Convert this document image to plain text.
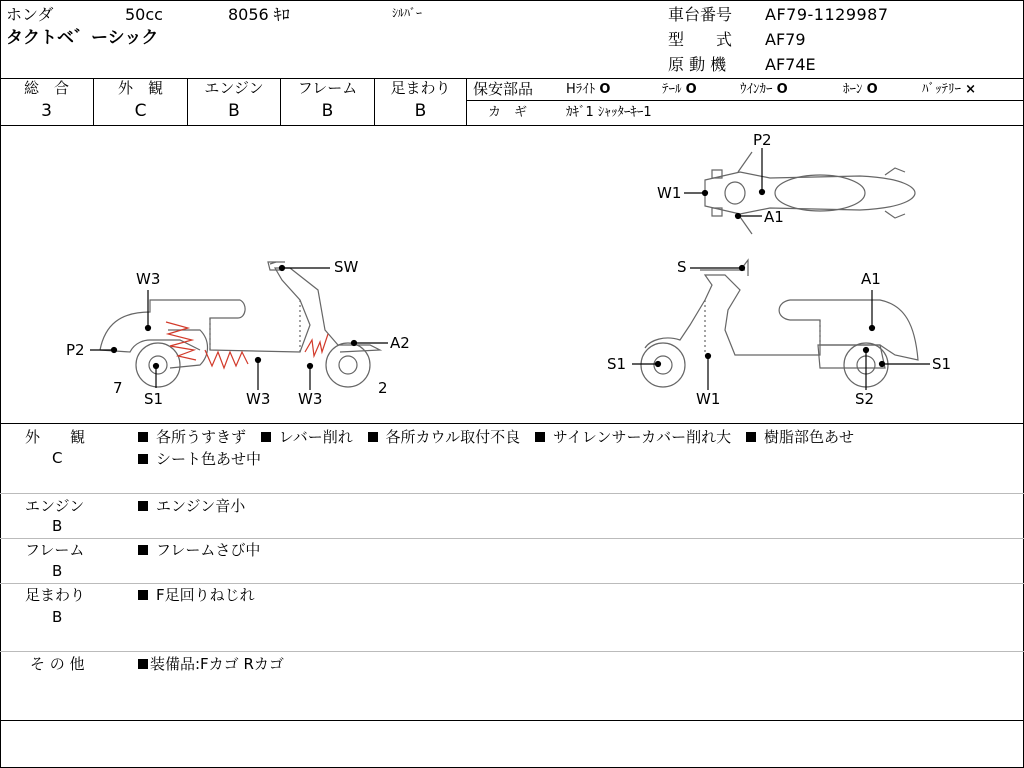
ホンダ	50cc	8056 ｷﾛ	ｼﾙﾊﾞｰ
タクトベ゛ーシック
車台番号 AF79-1129987
型　　式 AF79
原 動 機 AF74E
総　合	外　観	エンジン	フレーム	足まわり
3	C	B	B	B
保安部品	Hﾗｲﾄ O	ﾃｰﾙ O	ｳｲﾝｶｰ O	ﾎｰﾝ O	ﾊﾞｯﾃﾘｰ ×
カ　ギ	ｶｷﾞ1 ｼｬｯﾀｰｷｰ1
W3
SW
P2	A2
7
S1	W3 W3
2
S
A1
S1
W1	S2
S1
P2
W1
A1
外　　観
C
各所うすきず レバー削れ 各所カウル取付不良 サイレンサーカバー削れ大 樹脂部色あせ
シート色あせ中
エンジン
B
エンジン音小
フレーム
B
フレームさび中
足まわり
B
F足回りねじれ
そ の 他	装備品:Fカゴ Rカゴ
